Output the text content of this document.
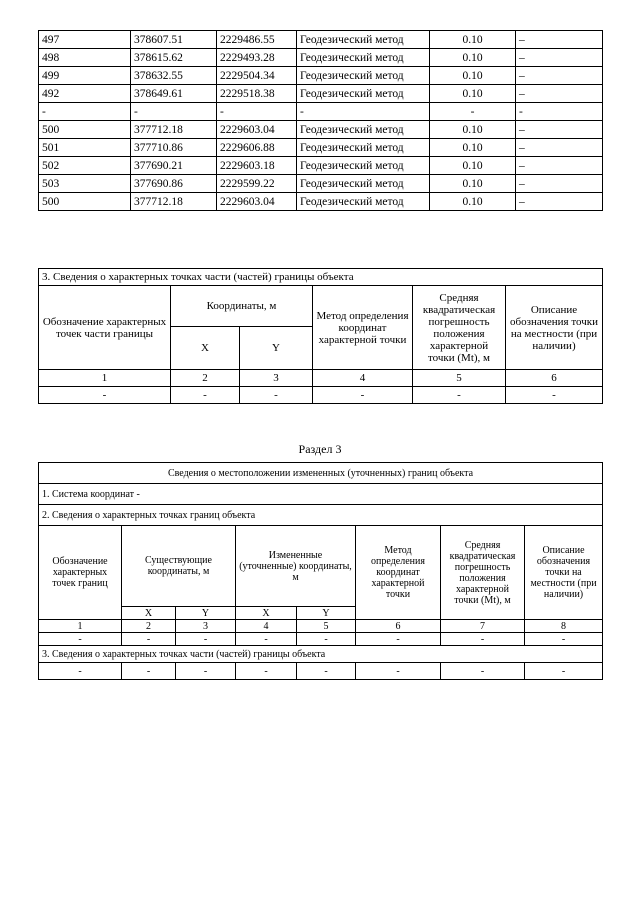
497	378607.51	2229486.55	Геодезический метод	0.10	–
498	378615.62	2229493.28	Геодезический метод	0.10	–
499	378632.55	2229504.34	Геодезический метод	0.10	–
492	378649.61	2229518.38	Геодезический метод	0.10	–
-	-	-	-	-	-
500	377712.18	2229603.04	Геодезический метод	0.10	–
501	377710.86	2229606.88	Геодезический метод	0.10	–
502	377690.21	2229603.18	Геодезический метод	0.10	–
503	377690.86	2229599.22	Геодезический метод	0.10	–
500	377712.18	2229603.04	Геодезический метод	0.10	–
3. Сведения о характерных точках части (частей) границы объекта					
Обозначение характерных точек части границы	Координаты, м		Метод определения координат характерной точки	Средняя квадратическая погрешность положения характерной точки (Мt), м	Описание обозначения точки на местности (при наличии)
	X	Y			
1	2	3	4	5	6
-	-	-	-	-	-
Раздел 3
Сведения о местоположении измененных (уточненных) границ объекта							
1. Система координат -							
2. Сведения о характерных точках границ объекта							
Обозначение характерных точек границ	Существующие координаты, м		Измененные (уточненные) координаты, м		Метод определения координат характерной точки	Средняя квадратическая погрешность положения характерной точки (Мt), м	Описание обозначения точки на местности (при наличии)
	X	Y	X	Y			
1	2	3	4	5	6	7	8
-	-	-	-	-	-	-	-
3. Сведения о характерных точках части (частей) границы объекта							
-	-	-	-	-	-	-	-
